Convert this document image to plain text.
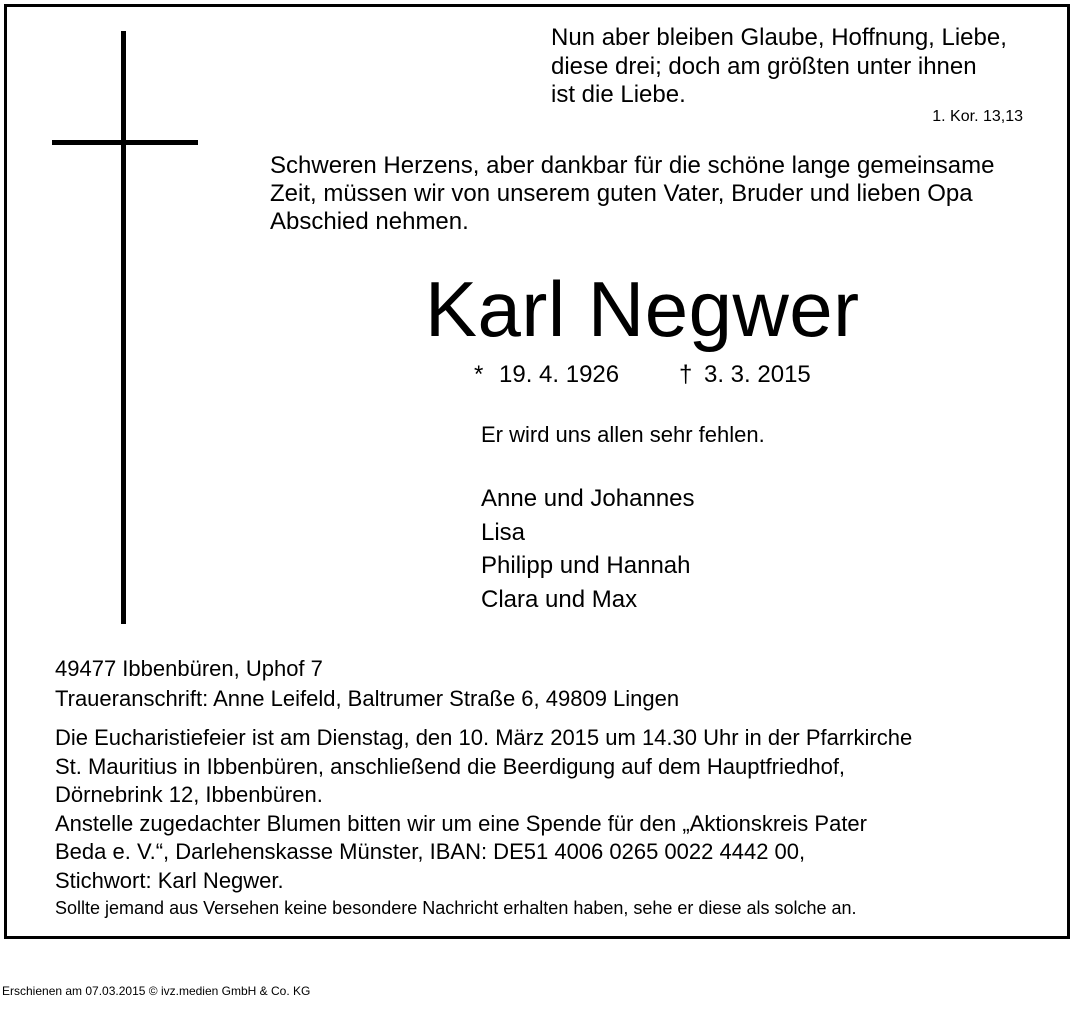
Nun aber bleiben Glaube, Hoffnung, Liebe,
diese drei; doch am größten unter ihnen
ist die Liebe.
1. Kor. 13,13
Schweren Herzens, aber dankbar für die schöne lange gemeinsame
Zeit, müssen wir von unserem guten Vater, Bruder und lieben Opa
Abschied nehmen.
Karl Negwer
* 19. 4. 1926 † 3. 3. 2015
Er wird uns allen sehr fehlen.
Anne und Johannes
Lisa
Philipp und Hannah
Clara und Max
49477 Ibbenbüren, Uphof 7
Traueranschrift: Anne Leifeld, Baltrumer Straße 6, 49809 Lingen
Die Eucharistiefeier ist am Dienstag, den 10. März 2015 um 14.30 Uhr in der Pfarrkirche
St. Mauritius in Ibbenbüren, anschließend die Beerdigung auf dem Hauptfriedhof,
Dörnebrink 12, Ibbenbüren.
Anstelle zugedachter Blumen bitten wir um eine Spende für den „Aktionskreis Pater
Beda e. V.“, Darlehenskasse Münster, IBAN: DE51 4006 0265 0022 4442 00,
Stichwort: Karl Negwer.
Sollte jemand aus Versehen keine besondere Nachricht erhalten haben, sehe er diese als solche an.
Erschienen am 07.03.2015 © ivz.medien GmbH & Co. KG
